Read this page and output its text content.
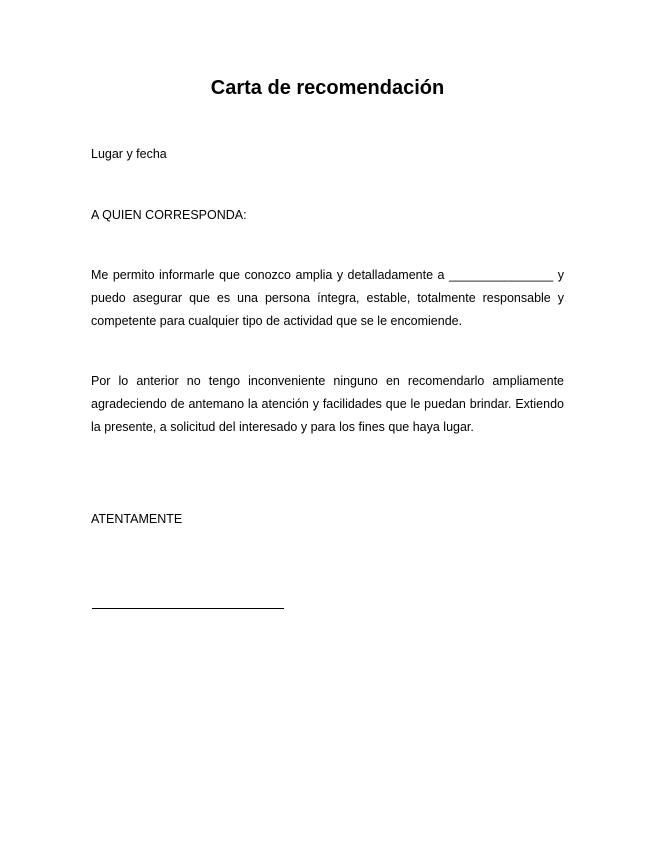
Carta de recomendación
Lugar y fecha
A QUIEN CORRESPONDA:
Me permito informarle que conozco amplia y detalladamente a _______________ y
puedo asegurar que es una persona íntegra, estable, totalmente responsable y
competente para cualquier tipo de actividad que se le encomiende.
Por lo anterior no tengo inconveniente ninguno en recomendarlo ampliamente
agradeciendo de antemano la atención y facilidades que le puedan brindar. Extiendo
la presente, a solicitud del interesado y para los fines que haya lugar.
ATENTAMENTE
